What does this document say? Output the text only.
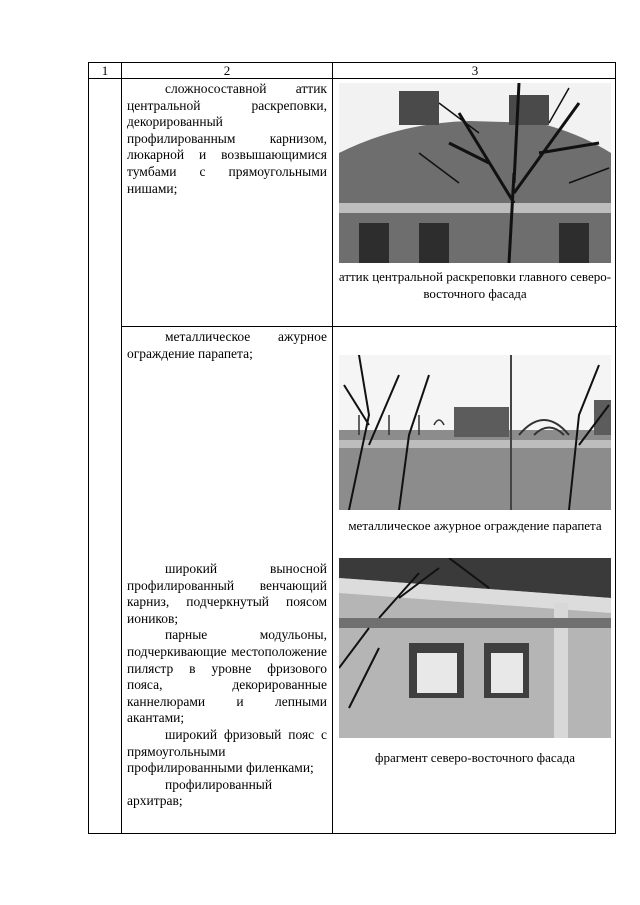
1	2	3

сложносоставной аттик центральной раскреповки, декорированный профилированным карнизом, люкарной и возвышающимися тумбами с прямоугольными нишами;

аттик центральной раскреповки главного северо-восточного фасада

металлическое ажурное ограждение парапета;

металлическое ажурное ограждение парапета

широкий выносной профилированный венчающий карниз, подчеркнутый поясом иоников;

парные модульоны, подчеркивающие местоположение пилястр в уровне фризового пояса, декорированные каннелюрами и лепными акантами;

широкий фризовый пояс с прямоугольными профилированными филенками;

профилированный архитрав;

фрагмент северо-восточного фасада
